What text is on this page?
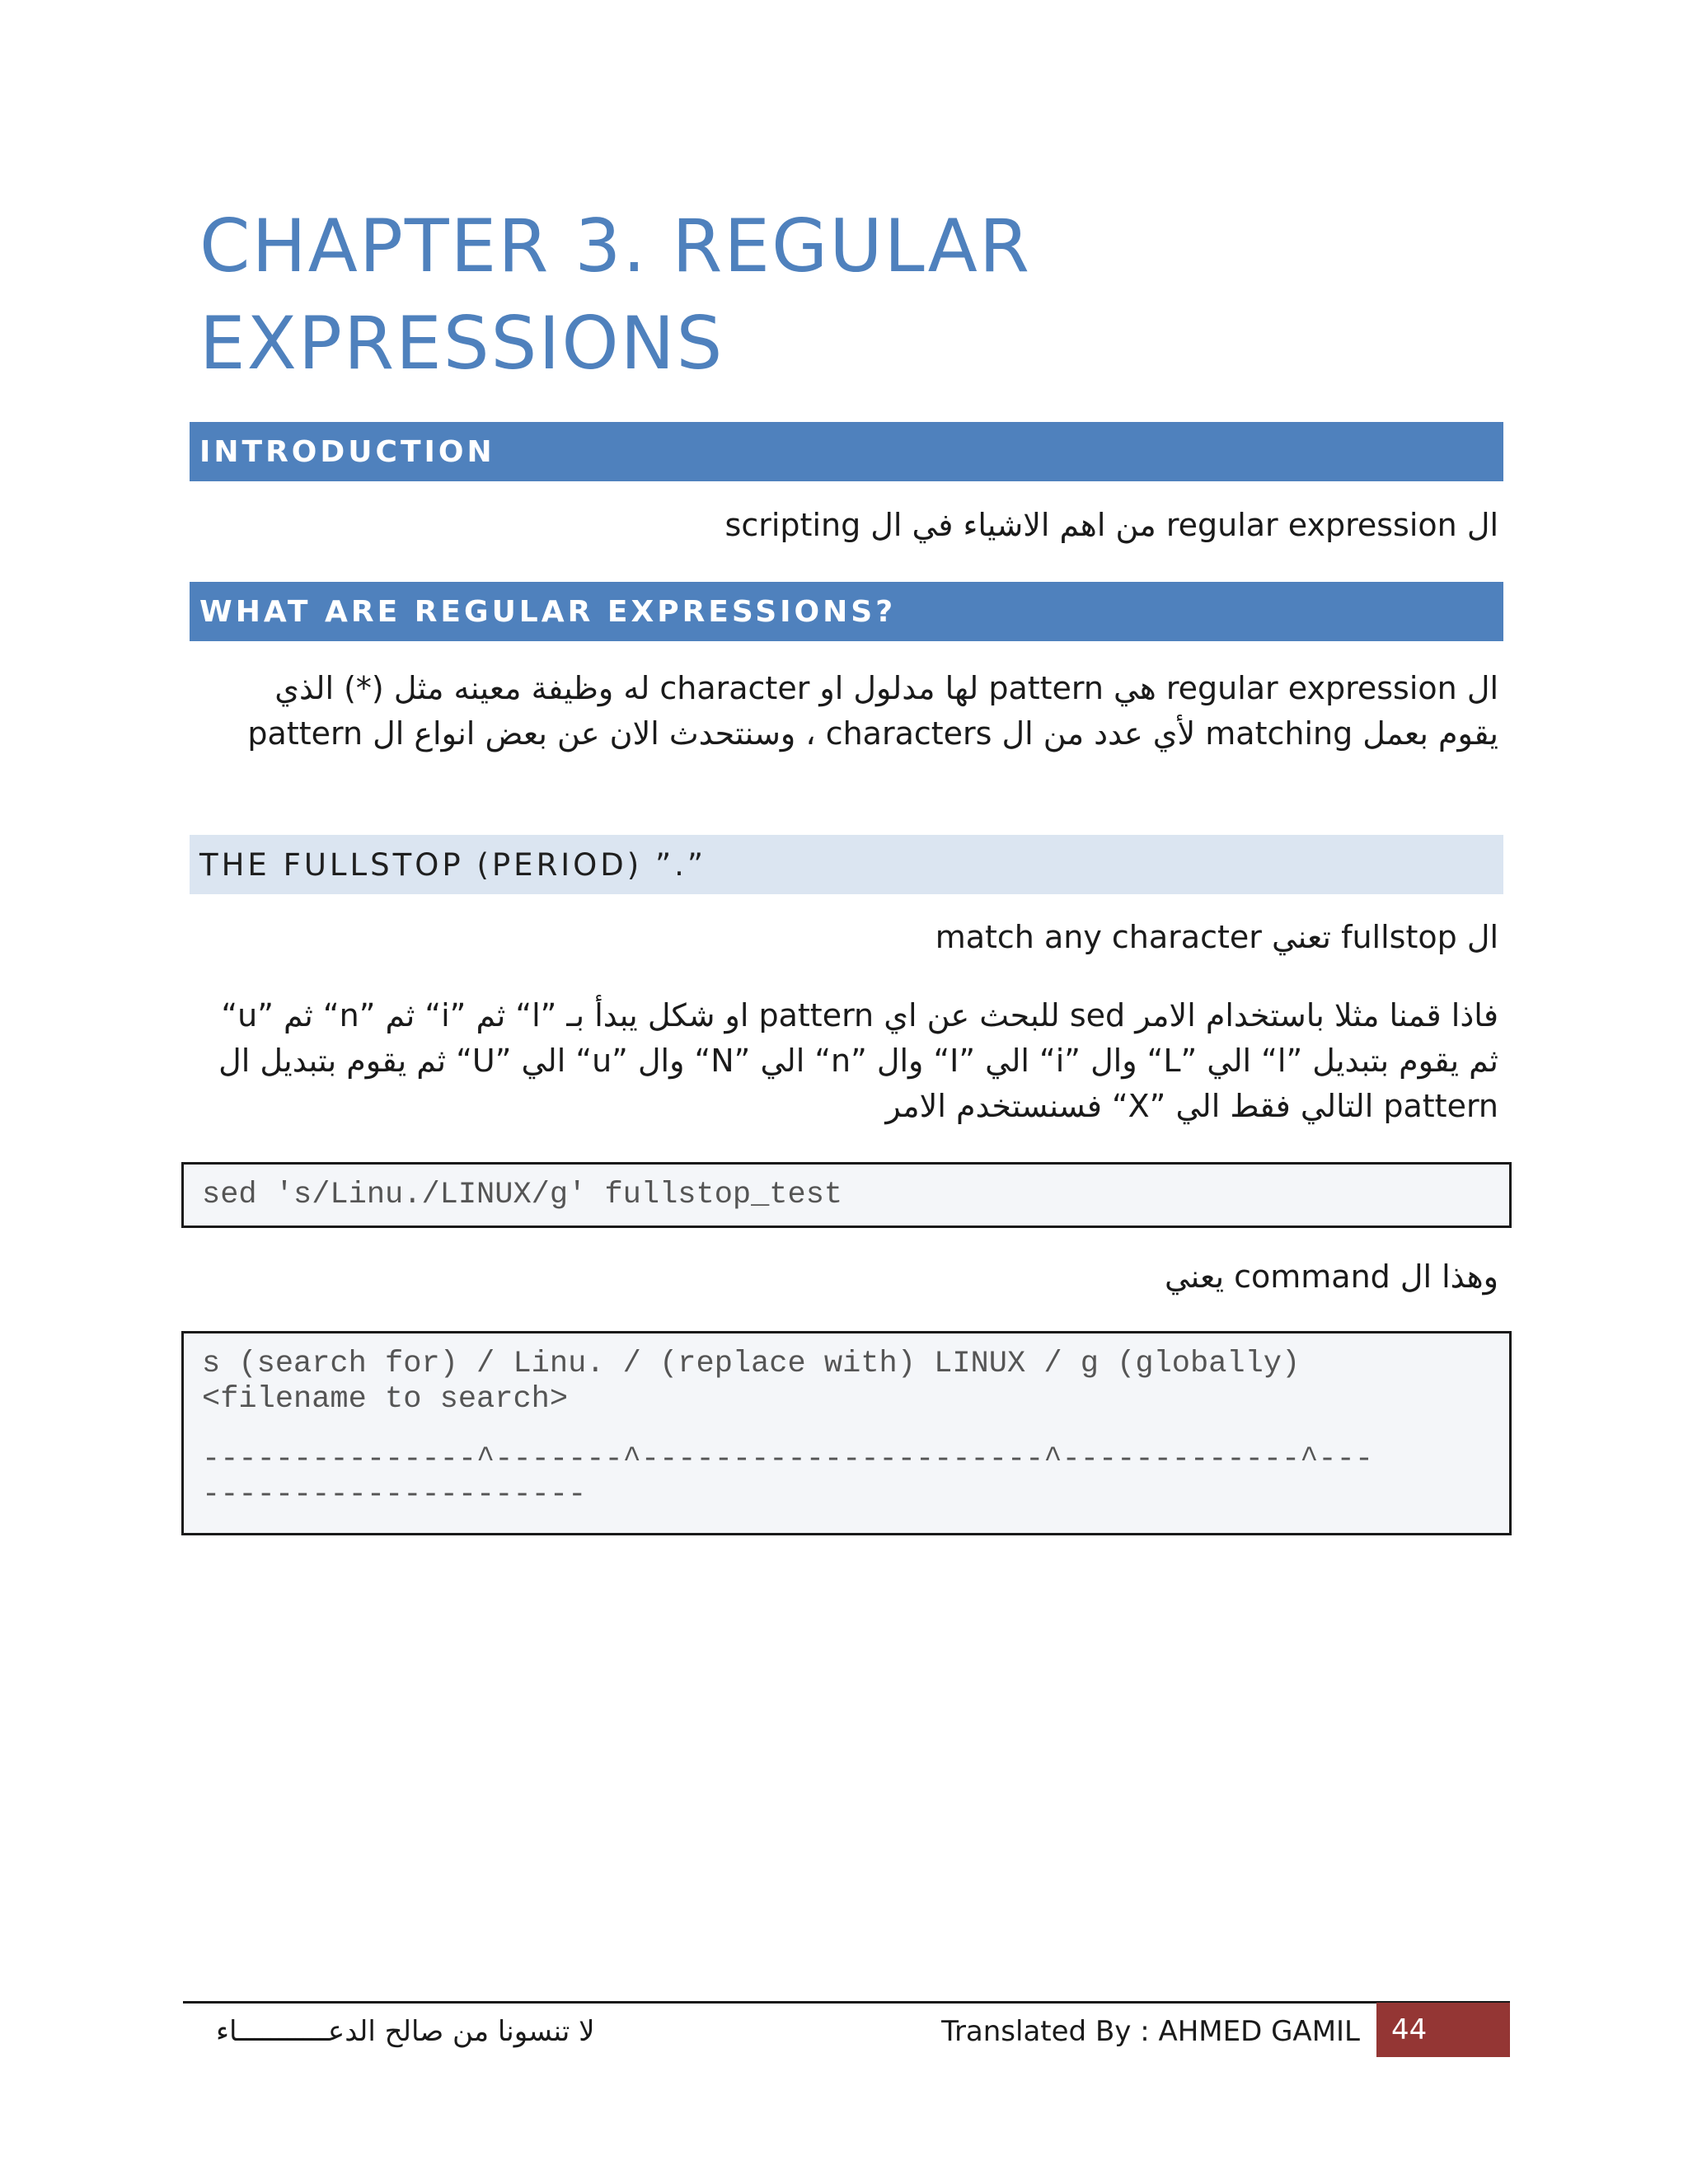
CHAPTER 3. REGULAR EXPRESSIONS
INTRODUCTION

ال regular expression من اهم الاشياء في ال scripting

WHAT ARE REGULAR EXPRESSIONS?

ال regular expression هي pattern لها مدلول او character له وظيفة معينه مثل (*) الذي يقوم بعمل matching لأي عدد من ال characters ، وسنتحدث الان عن بعض انواع ال pattern

THE FULLSTOP (PERIOD) ”.”

ال fullstop تعني match any character

فاذا قمنا مثلا باستخدام الامر sed للبحث عن اي pattern او شكل يبدأ بـ ”l“ ثم ”i“ ثم ”n“ ثم ”u“ ثم يقوم بتبديل ”l“ الي ”L“ وال ”i“ الي ”I“ وال ”n“ الي ”N“ وال ”u“ الي ”U“ ثم يقوم بتبديل ال pattern التالي فقط الي ”X“ فسنستخدم الامر

sed 's/Linu./LINUX/g' fullstop_test

وهذا ال command يعني

s (search for) / Linu. / (replace with) LINUX / g (globally)
<filename to search>
---------------^-------^----------------------^-------------^---
---------------------
لا تنسونا من صالح الدعـــــــــــاء	Translated By : AHMED GAMIL 44
